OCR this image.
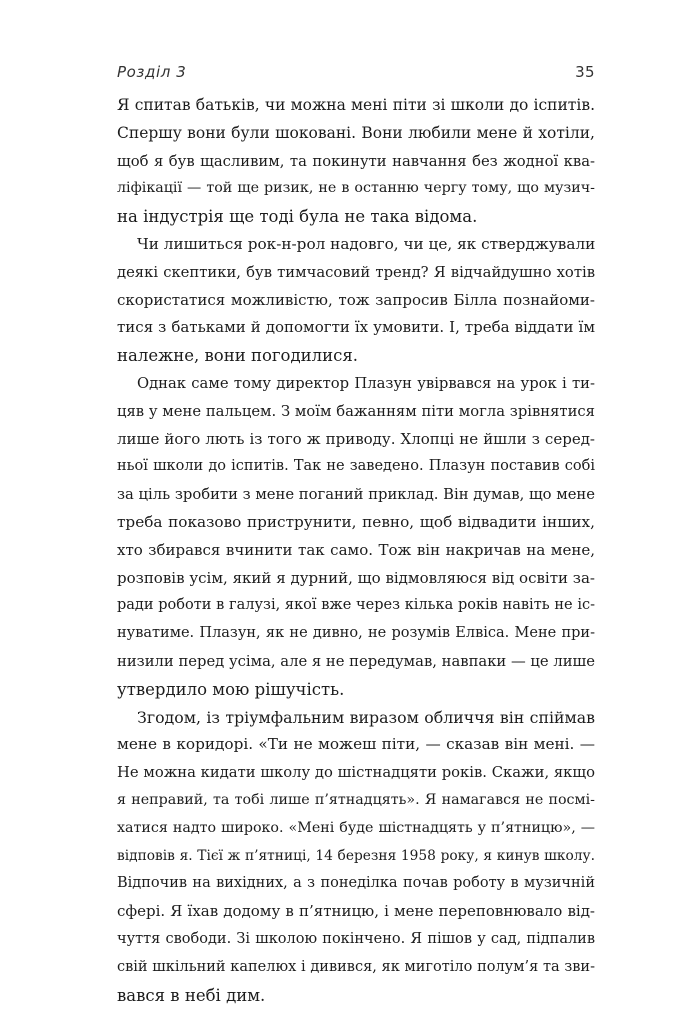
Розділ 3	35
Я спитав батьків, чи можна мені піти зі школи до іспитів.
Спершу вони були шоковані. Вони любили мене й хотіли,
щоб я був щасливим, та покинути навчання без жодної ква-
ліфікації — той ще ризик, не в останню чергу тому, що музич-
на індустрія ще тоді була не така відома.
Чи лишиться рок-н-рол надовго, чи це, як стверджували
деякі скептики, був тимчасовий тренд? Я відчайдушно хотів
скористатися можливістю, тож запросив Білла познайоми-
тися з батьками й допомогти їх умовити. І, треба віддати їм
належне, вони погодилися.
Однак саме тому директор Плазун увірвався на урок і ти-
цяв у мене пальцем. З моїм бажанням піти могла зрівнятися
лише його лють із того ж приводу. Хлопці не йшли з серед-
ньої школи до іспитів. Так не заведено. Плазун поставив собі
за ціль зробити з мене поганий приклад. Він думав, що мене
треба показово приструнити, певно, щоб відвадити інших,
хто збирався вчинити так само. Тож він накричав на мене,
розповів усім, який я дурний, що відмовляюся від освіти за-
ради роботи в галузі, якої вже через кілька років навіть не іс-
нуватиме. Плазун, як не дивно, не розумів Елвіса. Мене при-
низили перед усіма, але я не передумав, навпаки — це лише
утвердило мою рішучість.
Згодом, із тріумфальним виразом обличчя він спіймав
мене в коридорі. «Ти не можеш піти, — сказав він мені. —
Не можна кидати школу до шістнадцяти років. Скажи, якщо
я неправий, та тобі лише п’ятнадцять». Я намагався не посмі-
хатися надто широко. «Мені буде шістнадцять у п’ятницю», —
відповів я. Тієї ж п’ятниці, 14 березня 1958 року, я кинув школу.
Відпочив на вихідних, а з понеділка почав роботу в музичній
сфері. Я їхав додому в п’ятницю, і мене переповнювало від-
чуття свободи. Зі школою покінчено. Я пішов у сад, підпалив
свій шкільний капелюх і дивився, як миготіло полум’я та зви-
вався в небі дим.
